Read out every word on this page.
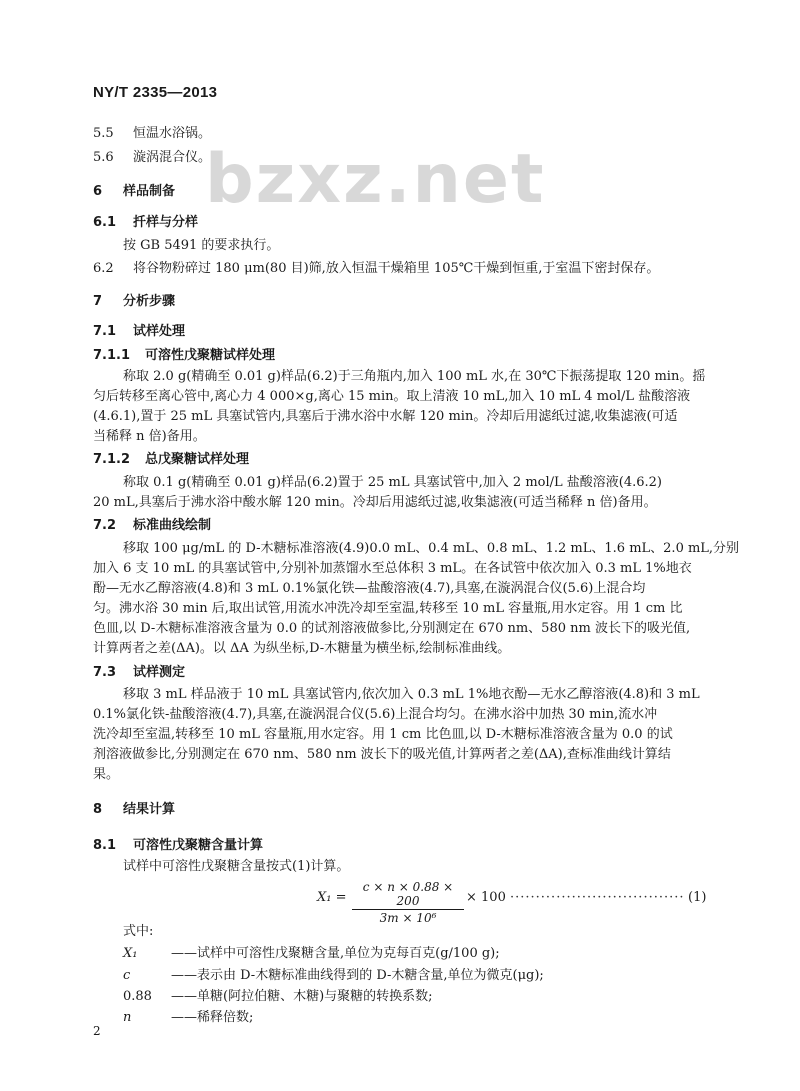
NY/T 2335—2013
bzxz.net
5.5 恒温水浴锅。
5.6 漩涡混合仪。
6 样品制备
6.1 扦样与分样
按 GB 5491 的要求执行。
6.2 将谷物粉碎过 180 μm(80 目)筛,放入恒温干燥箱里 105℃干燥到恒重,于室温下密封保存。
7 分析步骤
7.1 试样处理
7.1.1 可溶性戊聚糖试样处理
称取 2.0 g(精确至 0.01 g)样品(6.2)于三角瓶内,加入 100 mL 水,在 30℃下振荡提取 120 min。摇
匀后转移至离心管中,离心力 4 000×g,离心 15 min。取上清液 10 mL,加入 10 mL 4 mol/L 盐酸溶液
(4.6.1),置于 25 mL 具塞试管内,具塞后于沸水浴中水解 120 min。冷却后用滤纸过滤,收集滤液(可适
当稀释 n 倍)备用。
7.1.2 总戊聚糖试样处理
称取 0.1 g(精确至 0.01 g)样品(6.2)置于 25 mL 具塞试管中,加入 2 mol/L 盐酸溶液(4.6.2)
20 mL,具塞后于沸水浴中酸水解 120 min。冷却后用滤纸过滤,收集滤液(可适当稀释 n 倍)备用。
7.2 标准曲线绘制
移取 100 μg/mL 的 D-木糖标准溶液(4.9)0.0 mL、0.4 mL、0.8 mL、1.2 mL、1.6 mL、2.0 mL,分别
加入 6 支 10 mL 的具塞试管中,分别补加蒸馏水至总体积 3 mL。在各试管中依次加入 0.3 mL 1%地衣
酚—无水乙醇溶液(4.8)和 3 mL 0.1%氯化铁—盐酸溶液(4.7),具塞,在漩涡混合仪(5.6)上混合均
匀。沸水浴 30 min 后,取出试管,用流水冲洗冷却至室温,转移至 10 mL 容量瓶,用水定容。用 1 cm 比
色皿,以 D-木糖标准溶液含量为 0.0 的试剂溶液做参比,分别测定在 670 nm、580 nm 波长下的吸光值,
计算两者之差(ΔA)。以 ΔA 为纵坐标,D-木糖量为横坐标,绘制标准曲线。
7.3 试样测定
移取 3 mL 样品液于 10 mL 具塞试管内,依次加入 0.3 mL 1%地衣酚—无水乙醇溶液(4.8)和 3 mL
0.1%氯化铁-盐酸溶液(4.7),具塞,在漩涡混合仪(5.6)上混合均匀。在沸水浴中加热 30 min,流水冲
洗冷却至室温,转移至 10 mL 容量瓶,用水定容。用 1 cm 比色皿,以 D-木糖标准溶液含量为 0.0 的试
剂溶液做参比,分别测定在 670 nm、580 nm 波长下的吸光值,计算两者之差(ΔA),查标准曲线计算结
果。
8 结果计算
8.1 可溶性戊聚糖含量计算
试样中可溶性戊聚糖含量按式(1)计算。
$X_1 = \frac{c \times n \times 0.88 \times 200}{\text{3m × 10⁶}} \times 100$ ·································· (1)
式中:
X₁	——试样中可溶性戊聚糖含量,单位为克每百克(g/100 g);
c	——表示由 D-木糖标准曲线得到的 D-木糖含量,单位为微克(μg);
0.88 ——单糖(阿拉伯糖、木糖)与聚糖的转换系数;
n	——稀释倍数;
2
